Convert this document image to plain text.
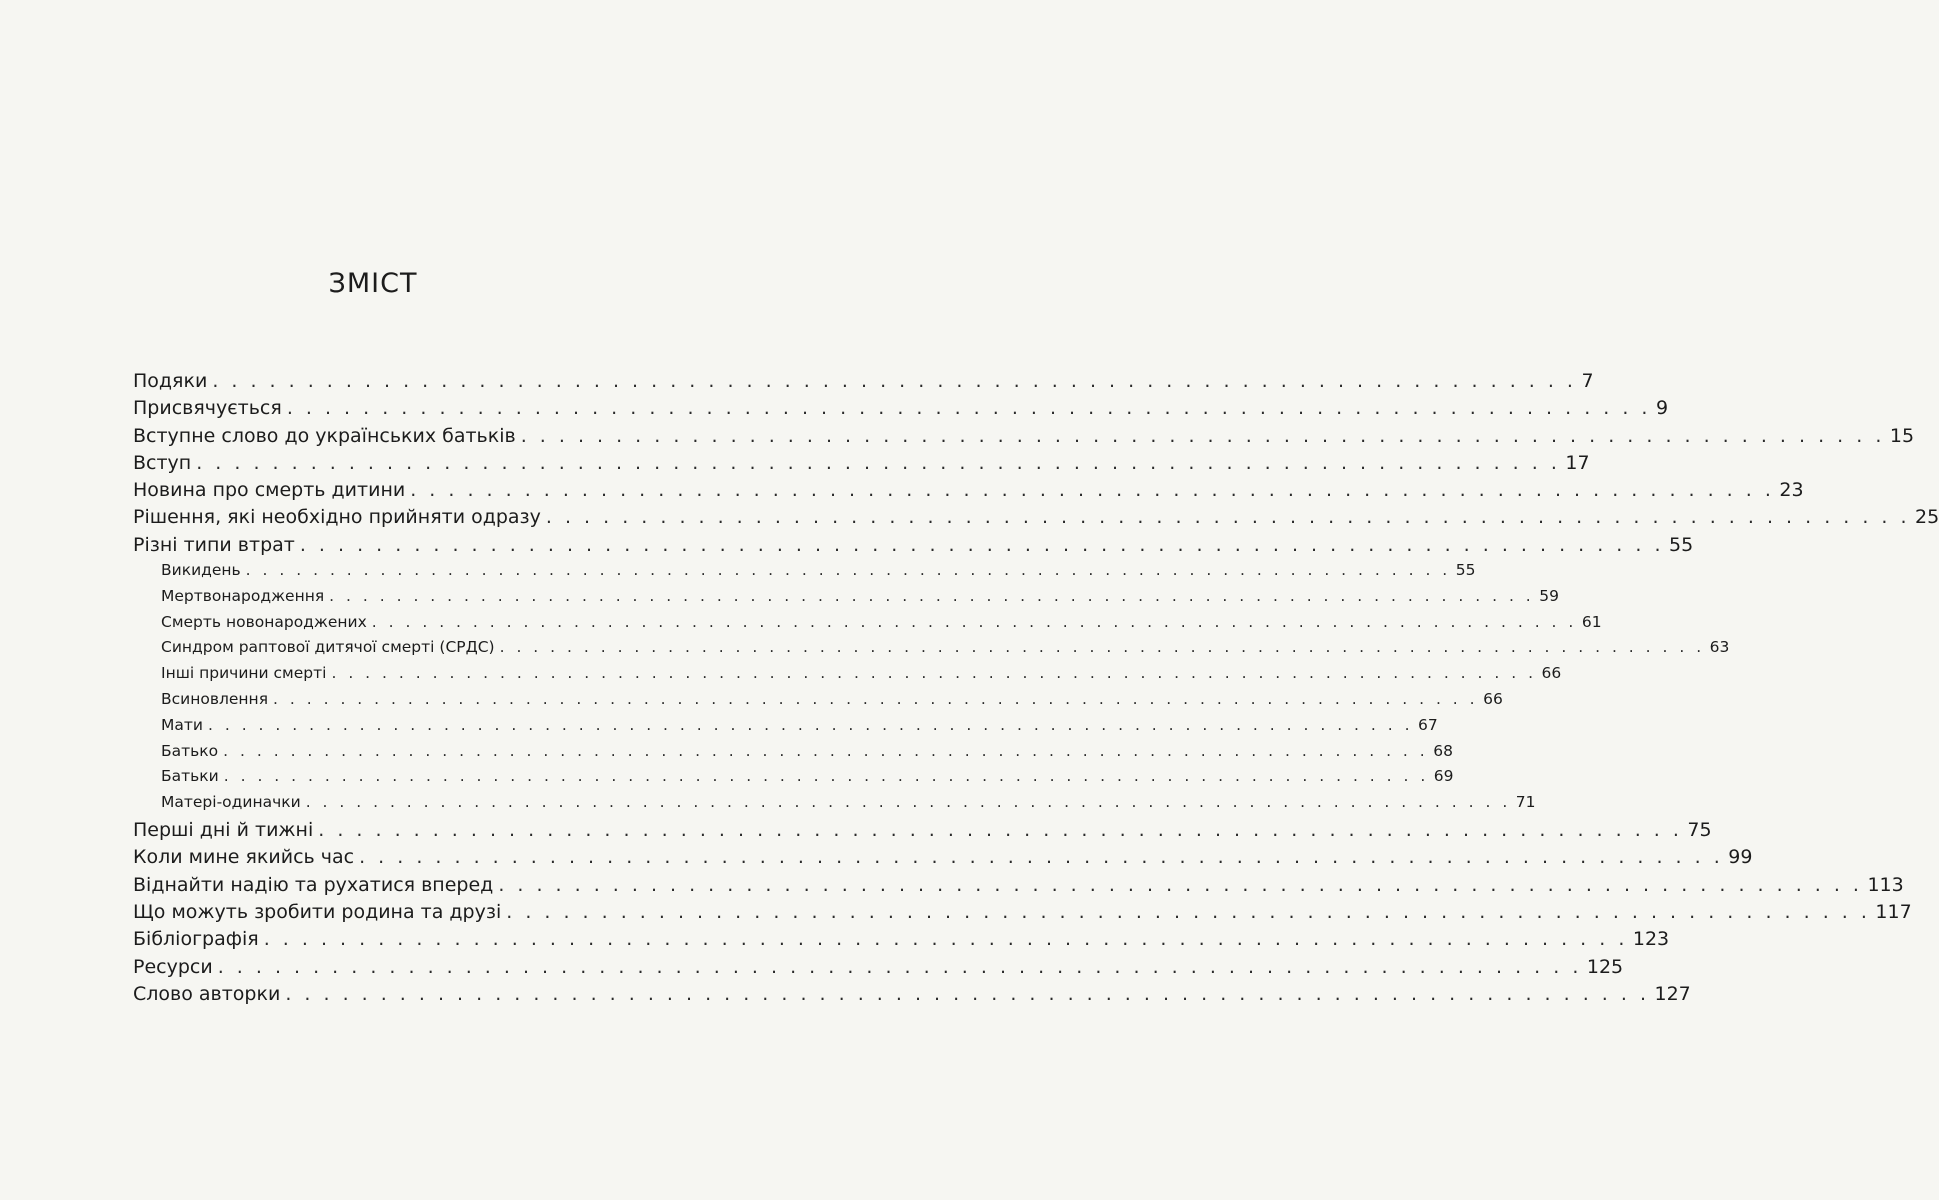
ЗМІСТ
Подяки . . . . . . . . . . . . . . . . . . . . . . . . . . . . . . . . . . . . . . . . . . . . . . . . . . . . . . . . . . . . . . . . . . . . . . . . 7
Присвячується . . . . . . . . . . . . . . . . . . . . . . . . . . . . . . . . . . . . . . . . . . . . . . . . . . . . . . . . . . . . . . . . . . . . . . . . 9
Вступне слово до українських батьків . . . . . . . . . . . . . . . . . . . . . . . . . . . . . . . . . . . . . . . . . . . . . . . . . . . . . . . . . . . . . . . . . . . . . . . . 15
Вступ . . . . . . . . . . . . . . . . . . . . . . . . . . . . . . . . . . . . . . . . . . . . . . . . . . . . . . . . . . . . . . . . . . . . . . . . 17
Новина про смерть дитини . . . . . . . . . . . . . . . . . . . . . . . . . . . . . . . . . . . . . . . . . . . . . . . . . . . . . . . . . . . . . . . . . . . . . . . . 23
Рішення, які необхідно прийняти одразу . . . . . . . . . . . . . . . . . . . . . . . . . . . . . . . . . . . . . . . . . . . . . . . . . . . . . . . . . . . . . . . . . . . . . . . . 25
Різні типи втрат . . . . . . . . . . . . . . . . . . . . . . . . . . . . . . . . . . . . . . . . . . . . . . . . . . . . . . . . . . . . . . . . . . . . . . . . 55
Викидень . . . . . . . . . . . . . . . . . . . . . . . . . . . . . . . . . . . . . . . . . . . . . . . . . . . . . . . . . . . . . . . . . . . . . . . . 55
Мертвонародження . . . . . . . . . . . . . . . . . . . . . . . . . . . . . . . . . . . . . . . . . . . . . . . . . . . . . . . . . . . . . . . . . . . . . . . . 59
Смерть новонароджених . . . . . . . . . . . . . . . . . . . . . . . . . . . . . . . . . . . . . . . . . . . . . . . . . . . . . . . . . . . . . . . . . . . . . . . . 61
Синдром раптової дитячої смерті (СРДС) . . . . . . . . . . . . . . . . . . . . . . . . . . . . . . . . . . . . . . . . . . . . . . . . . . . . . . . . . . . . . . . . . . . . . . . . 63
Інші причини смерті . . . . . . . . . . . . . . . . . . . . . . . . . . . . . . . . . . . . . . . . . . . . . . . . . . . . . . . . . . . . . . . . . . . . . . . . 66
Всиновлення . . . . . . . . . . . . . . . . . . . . . . . . . . . . . . . . . . . . . . . . . . . . . . . . . . . . . . . . . . . . . . . . . . . . . . . . 66
Мати . . . . . . . . . . . . . . . . . . . . . . . . . . . . . . . . . . . . . . . . . . . . . . . . . . . . . . . . . . . . . . . . . . . . . . . . 67
Батько . . . . . . . . . . . . . . . . . . . . . . . . . . . . . . . . . . . . . . . . . . . . . . . . . . . . . . . . . . . . . . . . . . . . . . . . 68
Батьки . . . . . . . . . . . . . . . . . . . . . . . . . . . . . . . . . . . . . . . . . . . . . . . . . . . . . . . . . . . . . . . . . . . . . . . . 69
Матері-одиначки . . . . . . . . . . . . . . . . . . . . . . . . . . . . . . . . . . . . . . . . . . . . . . . . . . . . . . . . . . . . . . . . . . . . . . . . 71
Перші дні й тижні . . . . . . . . . . . . . . . . . . . . . . . . . . . . . . . . . . . . . . . . . . . . . . . . . . . . . . . . . . . . . . . . . . . . . . . . 75
Коли мине якийсь час . . . . . . . . . . . . . . . . . . . . . . . . . . . . . . . . . . . . . . . . . . . . . . . . . . . . . . . . . . . . . . . . . . . . . . . . 99
Віднайти надію та рухатися вперед . . . . . . . . . . . . . . . . . . . . . . . . . . . . . . . . . . . . . . . . . . . . . . . . . . . . . . . . . . . . . . . . . . . . . . . . 113
Що можуть зробити родина та друзі . . . . . . . . . . . . . . . . . . . . . . . . . . . . . . . . . . . . . . . . . . . . . . . . . . . . . . . . . . . . . . . . . . . . . . . . 117
Бібліографія . . . . . . . . . . . . . . . . . . . . . . . . . . . . . . . . . . . . . . . . . . . . . . . . . . . . . . . . . . . . . . . . . . . . . . . . 123
Ресурси . . . . . . . . . . . . . . . . . . . . . . . . . . . . . . . . . . . . . . . . . . . . . . . . . . . . . . . . . . . . . . . . . . . . . . . . 125
Слово авторки . . . . . . . . . . . . . . . . . . . . . . . . . . . . . . . . . . . . . . . . . . . . . . . . . . . . . . . . . . . . . . . . . . . . . . . . 127
